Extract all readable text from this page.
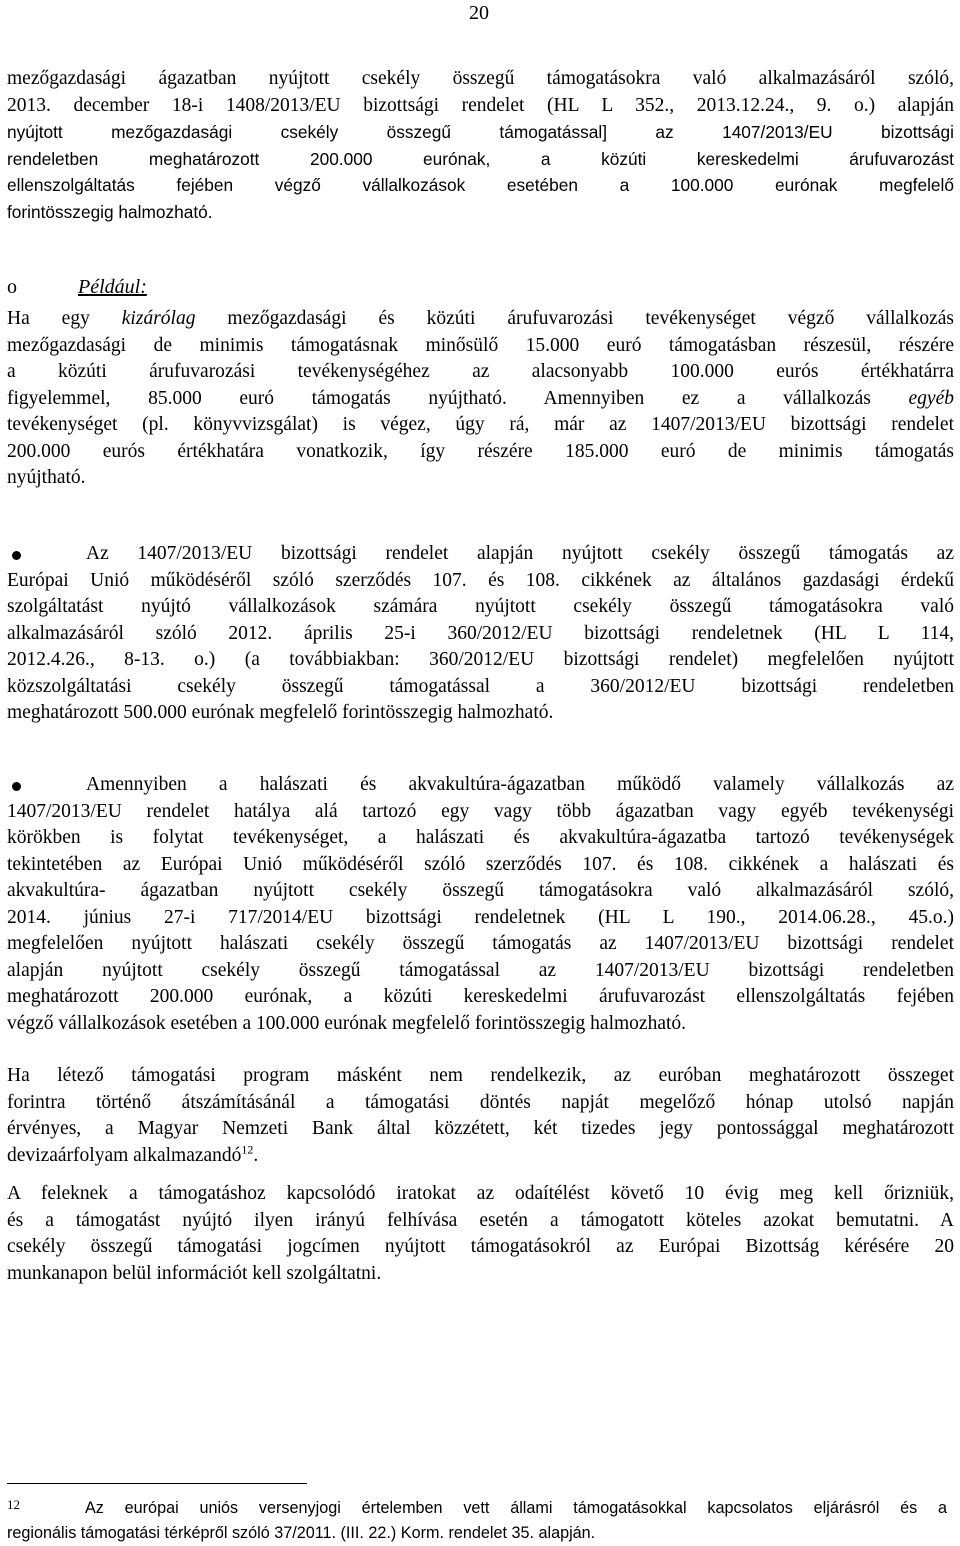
20
mezőgazdasági ágazatban nyújtott csekély összegű támogatásokra való alkalmazásáról szóló,
2013. december 18-i 1408/2013/EU bizottsági rendelet (HL L 352., 2013.12.24., 9. o.) alapján
nyújtott mezőgazdasági csekély összegű támogatással] az 1407/2013/EU bizottsági
rendeletben meghatározott 200.000 eurónak, a közúti kereskedelmi árufuvarozást
ellenszolgáltatás fejében végző vállalkozások esetében a 100.000 eurónak megfelelő
forintösszegig halmozható.
o	Például:
Ha egy kizárólag mezőgazdasági és közúti árufuvarozási tevékenységet végző vállalkozás
mezőgazdasági de minimis támogatásnak minősülő 15.000 euró támogatásban részesül, részére
a közúti árufuvarozási tevékenységéhez az alacsonyabb 100.000 eurós értékhatárra
figyelemmel, 85.000 euró támogatás nyújtható. Amennyiben ez a vállalkozás egyéb
tevékenységet (pl. könyvvizsgálat) is végez, úgy rá, már az 1407/2013/EU bizottsági rendelet
200.000 eurós értékhatára vonatkozik, így részére 185.000 euró de minimis támogatás
nyújtható.
Az 1407/2013/EU bizottsági rendelet alapján nyújtott csekély összegű támogatás az
Európai Unió működéséről szóló szerződés 107. és 108. cikkének az általános gazdasági érdekű
szolgáltatást nyújtó vállalkozások számára nyújtott csekély összegű támogatásokra való
alkalmazásáról szóló 2012. április 25-i 360/2012/EU bizottsági rendeletnek (HL L 114,
2012.4.26., 8-13. o.) (a továbbiakban: 360/2012/EU bizottsági rendelet) megfelelően nyújtott
közszolgáltatási csekély összegű támogatással a 360/2012/EU bizottsági rendeletben
meghatározott 500.000 eurónak megfelelő forintösszegig halmozható.
Amennyiben a halászati és akvakultúra-ágazatban működő valamely vállalkozás az
1407/2013/EU rendelet hatálya alá tartozó egy vagy több ágazatban vagy egyéb tevékenységi
körökben is folytat tevékenységet, a halászati és akvakultúra-ágazatba tartozó tevékenységek
tekintetében az Európai Unió működéséről szóló szerződés 107. és 108. cikkének a halászati és
akvakultúra- ágazatban nyújtott csekély összegű támogatásokra való alkalmazásáról szóló,
2014. június 27-i 717/2014/EU bizottsági rendeletnek (HL L 190., 2014.06.28., 45.o.)
megfelelően nyújtott halászati csekély összegű támogatás az 1407/2013/EU bizottsági rendelet
alapján nyújtott csekély összegű támogatással az 1407/2013/EU bizottsági rendeletben
meghatározott 200.000 eurónak, a közúti kereskedelmi árufuvarozást ellenszolgáltatás fejében
végző vállalkozások esetében a 100.000 eurónak megfelelő forintösszegig halmozható.
Ha létező támogatási program másként nem rendelkezik, az euróban meghatározott összeget
forintra történő átszámításánál a támogatási döntés napját megelőző hónap utolsó napján
érvényes, a Magyar Nemzeti Bank által közzétett, két tizedes jegy pontossággal meghatározott
devizaárfolyam alkalmazandó$^{12}$.
A feleknek a támogatáshoz kapcsolódó iratokat az odaítélést követő 10 évig meg kell őrizniük,
és a támogatást nyújtó ilyen irányú felhívása esetén a támogatott köteles azokat bemutatni. A
csekély összegű támogatási jogcímen nyújtott támogatásokról az Európai Bizottság kérésére 20
munkanapon belül információt kell szolgáltatni.
12	Az európai uniós versenyjogi értelemben vett állami támogatásokkal kapcsolatos eljárásról és a
regionális támogatási térképről szóló 37/2011. (III. 22.) Korm. rendelet 35. alapján.
